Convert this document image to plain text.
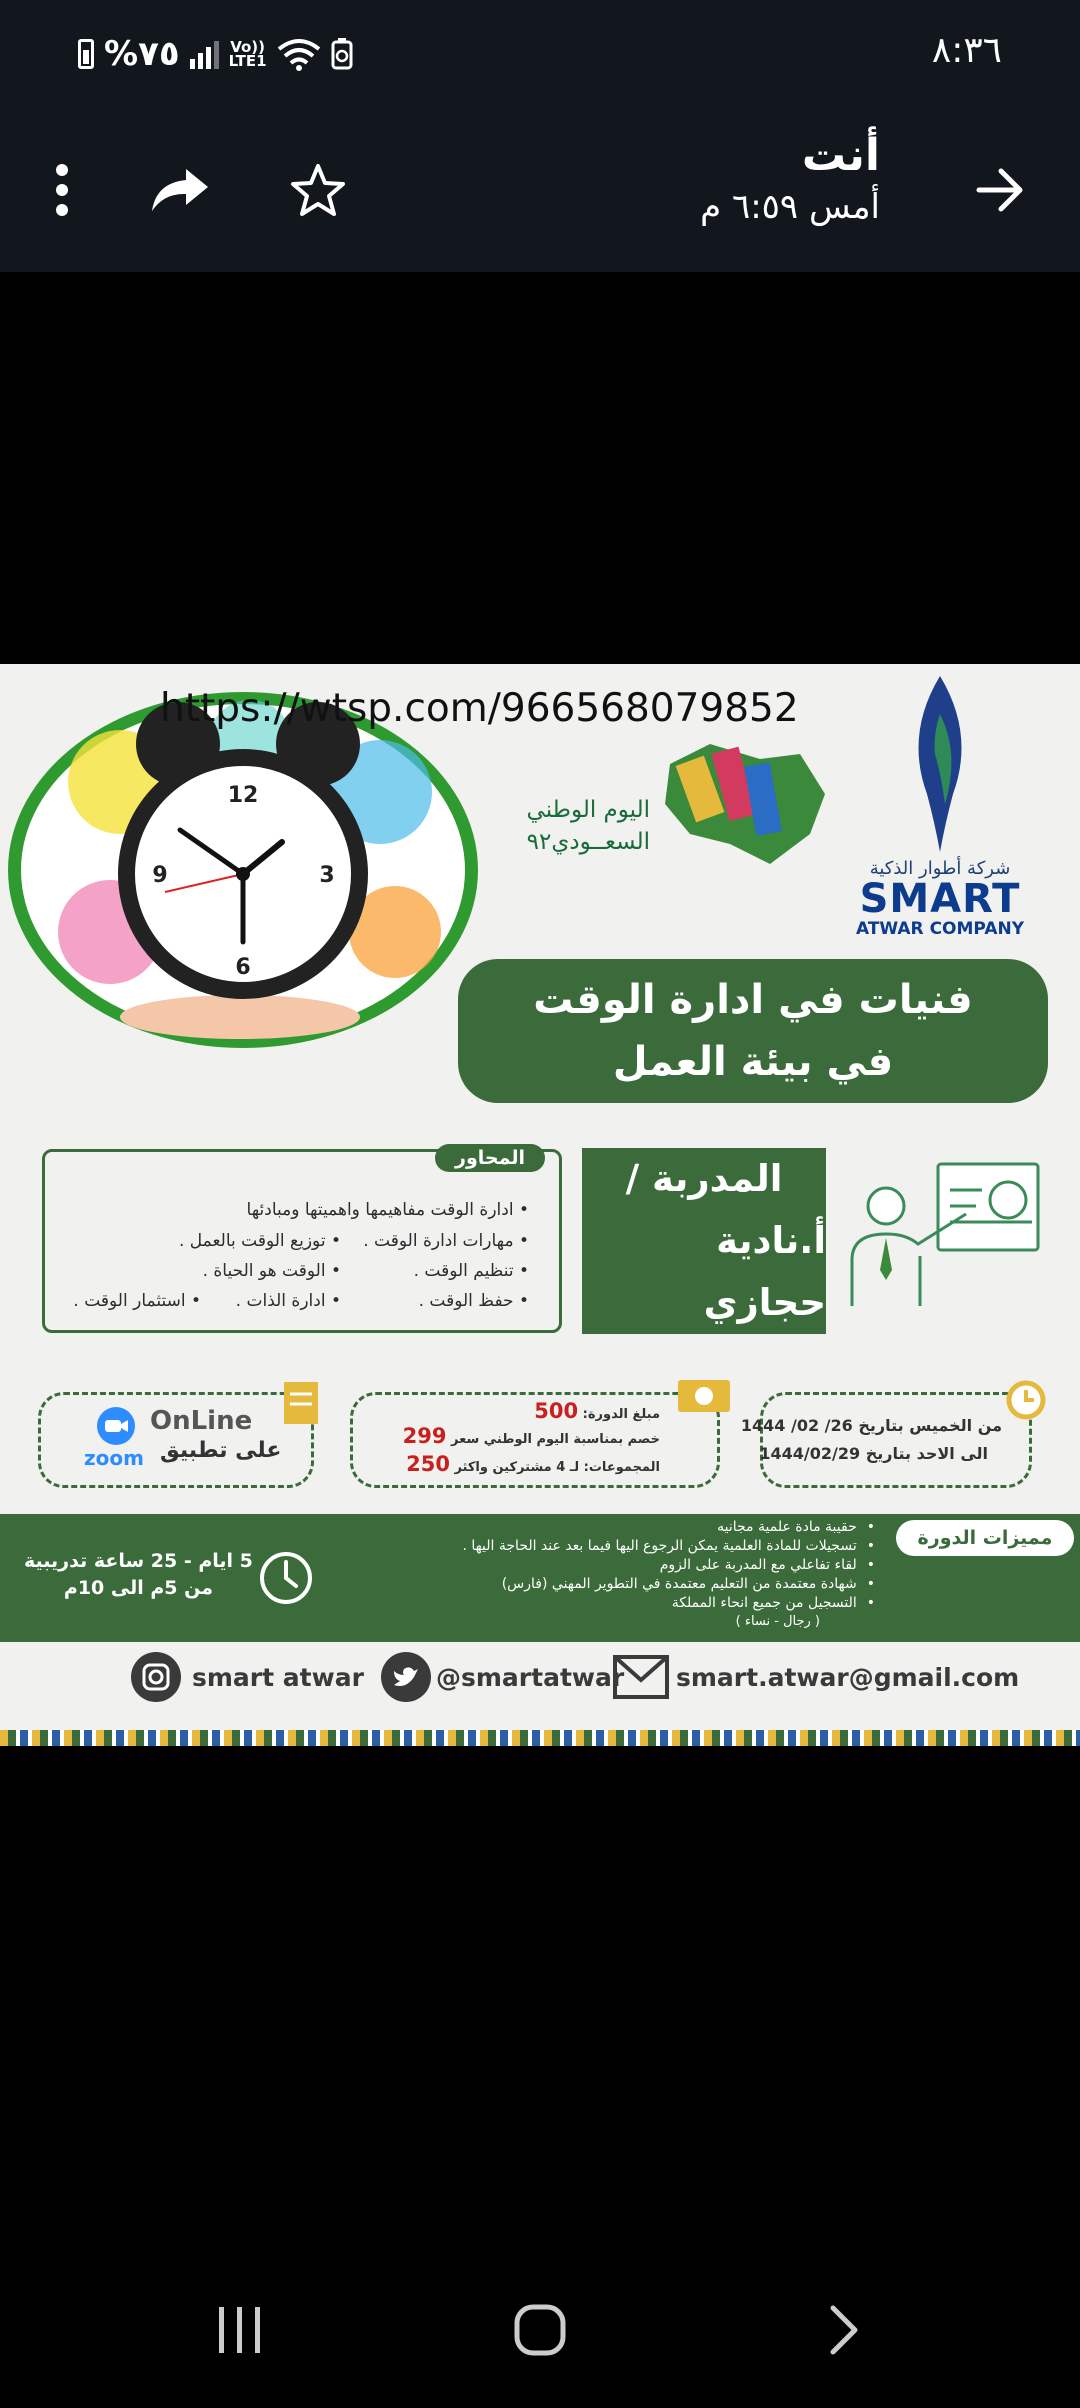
%٧٥	Vo))
LTE1	٨:٣٦
أنت
أمس ٦:٥٩ م
12
3
6
9
https://wtsp.com/966568079852
اليوم الوطني
السعــودي٩٢
شركة أطوار الذكية
SMART
ATWAR COMPANY
فنيات في ادارة الوقت في بيئة العمل
المحاور
• ادارة الوقت مفاهيمها واهميتها ومبادئها
• مهارات ادارة الوقت .
• تنظيم الوقت .
• حفظ الوقت .
• توزيع الوقت بالعمل .
• الوقت هو الحياة .
• ادارة الذات .
• استثمار الوقت .
المدربة /
أ.نادية حجازي
OnLine
على تطبيق
zoom
مبلغ الدورة: 500
خصم بمناسبة اليوم الوطني سعر 299
المجموعات: لـ 4 مشتركين واكثر 250
من الخميس بتاريخ 26/ 02/ 1444
الى الاحد بتاريخ 1444/02/29
مميزات الدورة
• حقيبة مادة علمية مجانيه
• تسجيلات للمادة العلمية يمكن الرجوع اليها فيما بعد عند الحاجة اليها .
• لقاء تفاعلي مع المدربة على الزوم
• شهادة معتمدة من التعليم معتمدة في التطوير المهني (فارس)
• التسجيل من جميع انحاء المملكة
( رجال - نساء )
5 ايام - 25 ساعة تدريبية
من 5م الى 10م
smart atwar	@smartatwar smart.atwar@gmail.com
